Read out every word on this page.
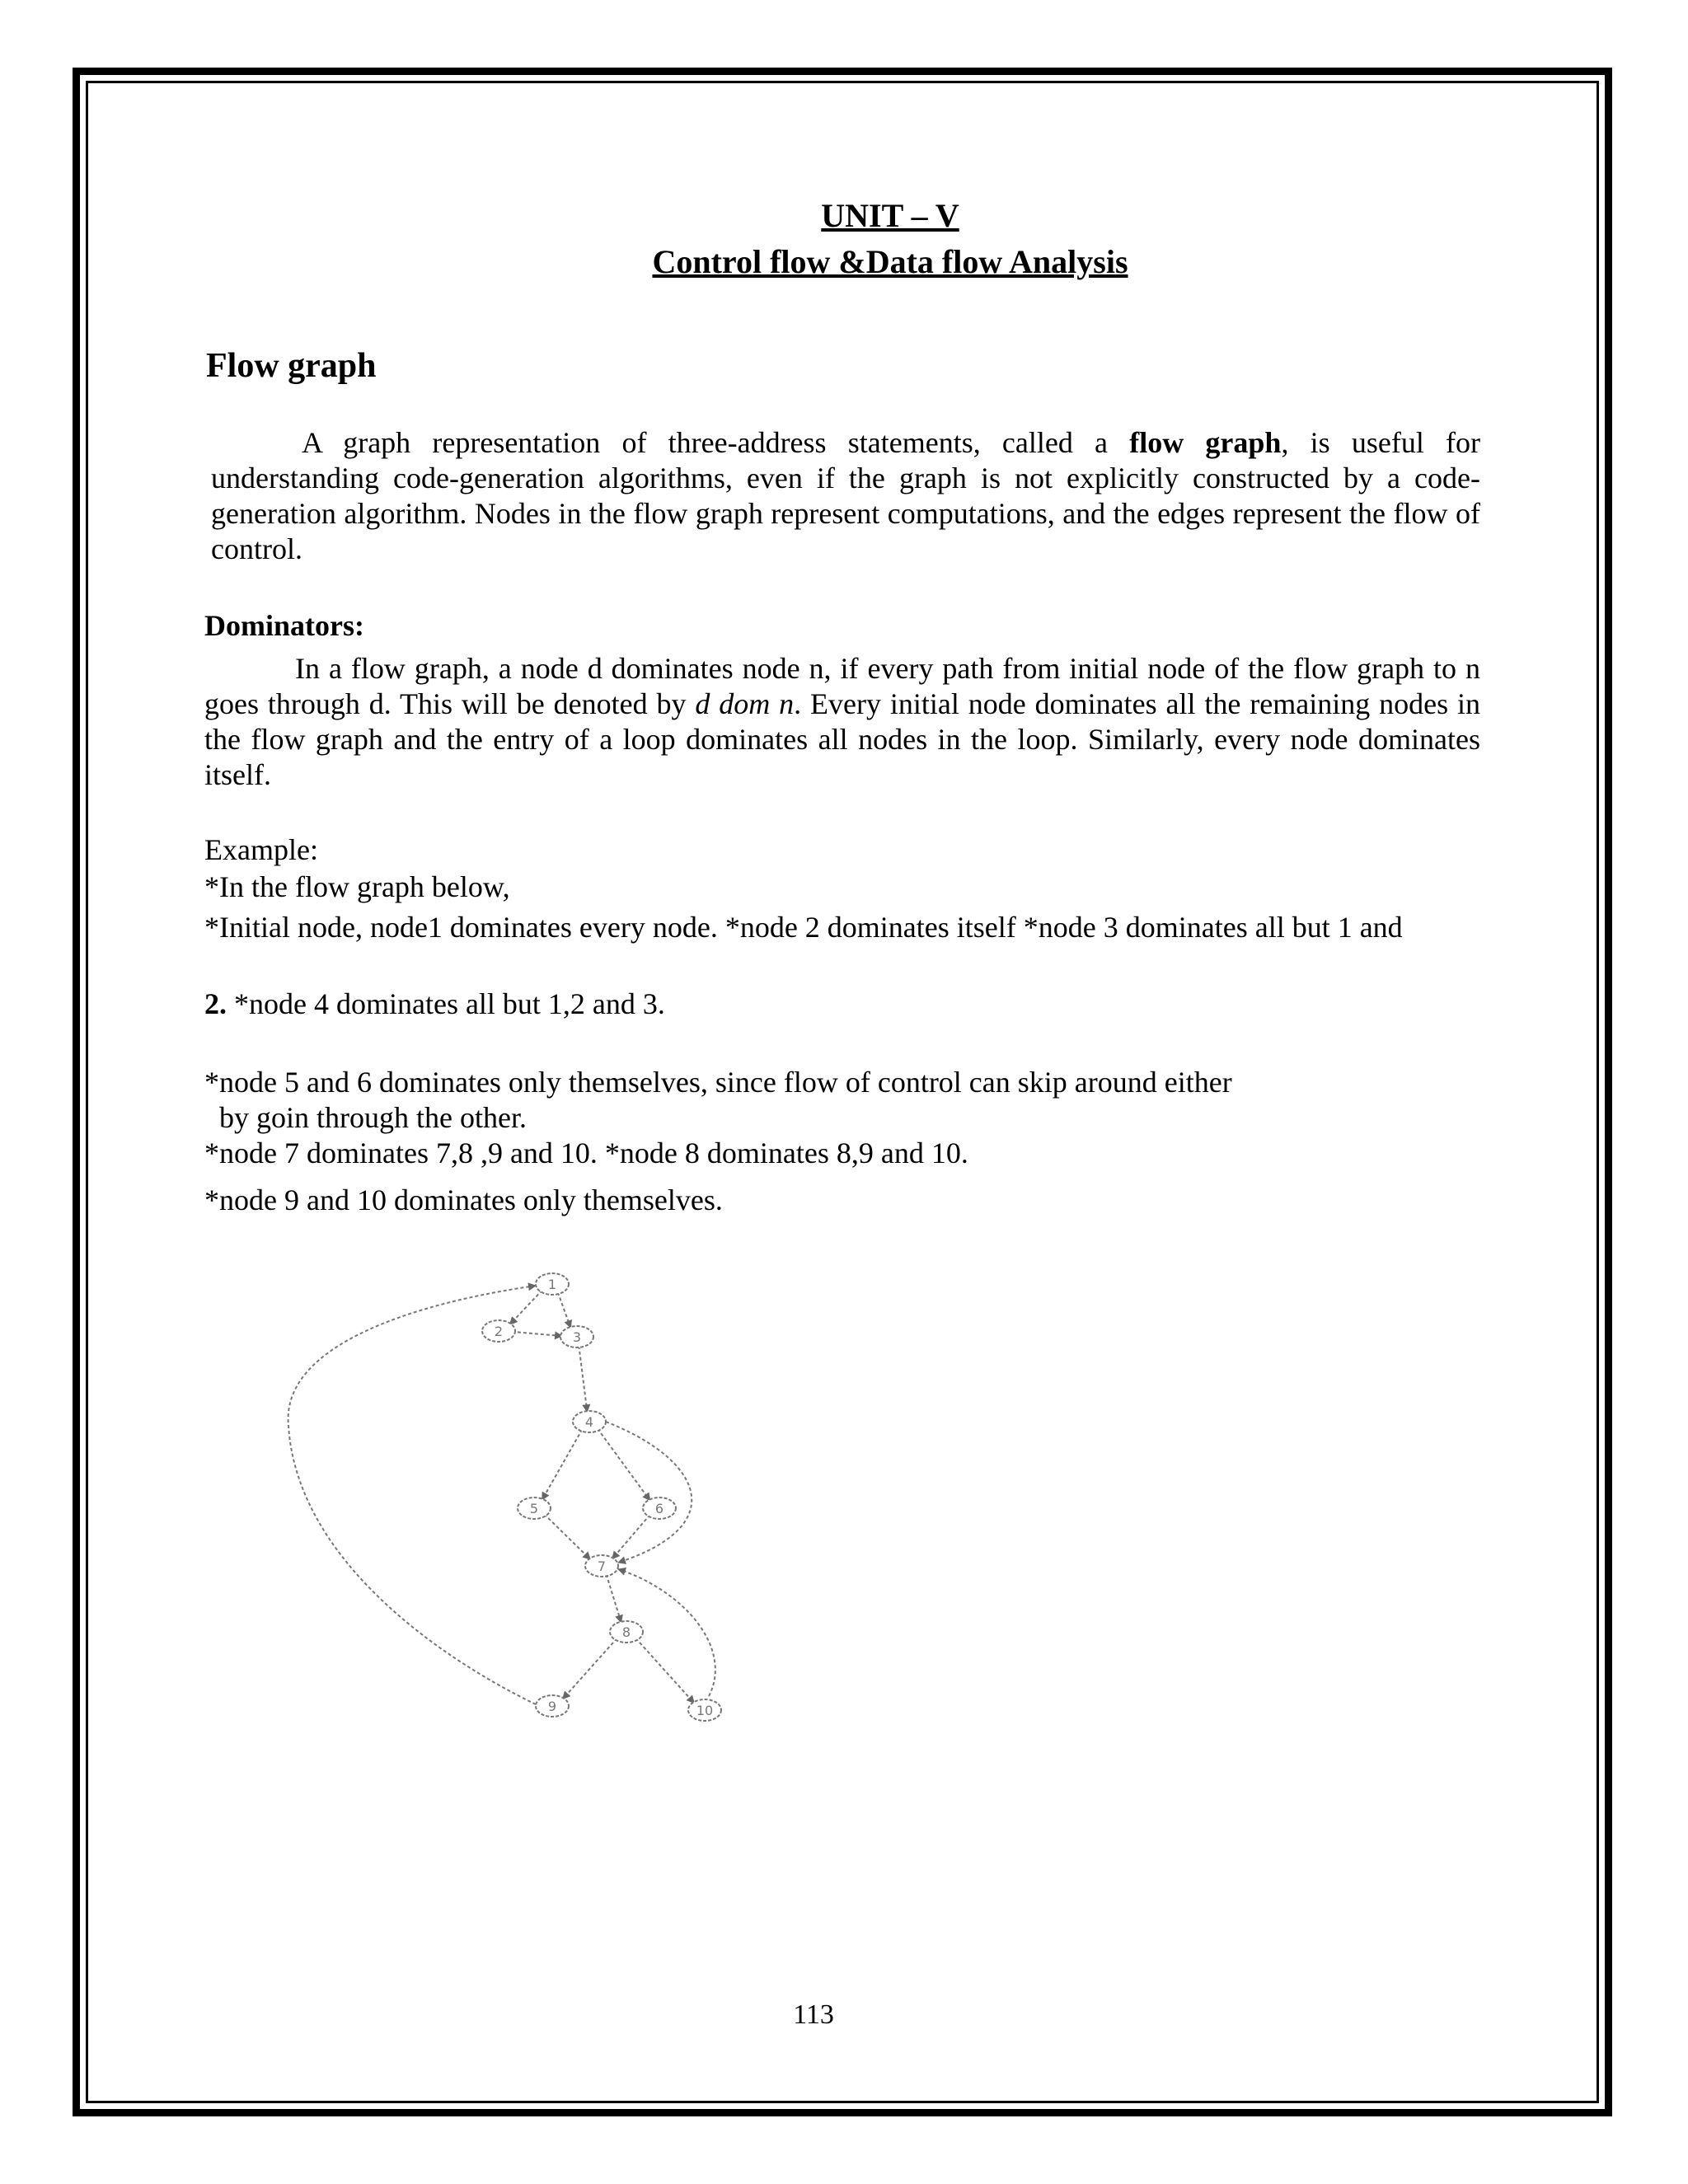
UNIT – V
Control flow &Data flow Analysis
Flow graph
A graph representation of three-address statements, called a flow graph, is useful for understanding code-generation algorithms, even if the graph is not explicitly constructed by a code- generation algorithm. Nodes in the flow graph represent computations, and the edges represent the flow of control.
Dominators:
In a flow graph, a node d dominates node n, if every path from initial node of the flow graph to n goes through d. This will be denoted by d dom n. Every initial node dominates all the remaining nodes in the flow graph and the entry of a loop dominates all nodes in the loop. Similarly, every node dominates itself.
Example:
*In the flow graph below,
*Initial node, node1 dominates every node. *node 2 dominates itself *node 3 dominates all but 1 and
2. *node 4 dominates all but 1,2 and 3.
*node 5 and 6 dominates only themselves, since flow of control can skip around either
by goin through the other.
*node 7 dominates 7,8 ,9 and 10. *node 8 dominates 8,9 and 10.
*node 9 and 10 dominates only themselves.
1
2	3
4
5	6
7
8
9	10
113
